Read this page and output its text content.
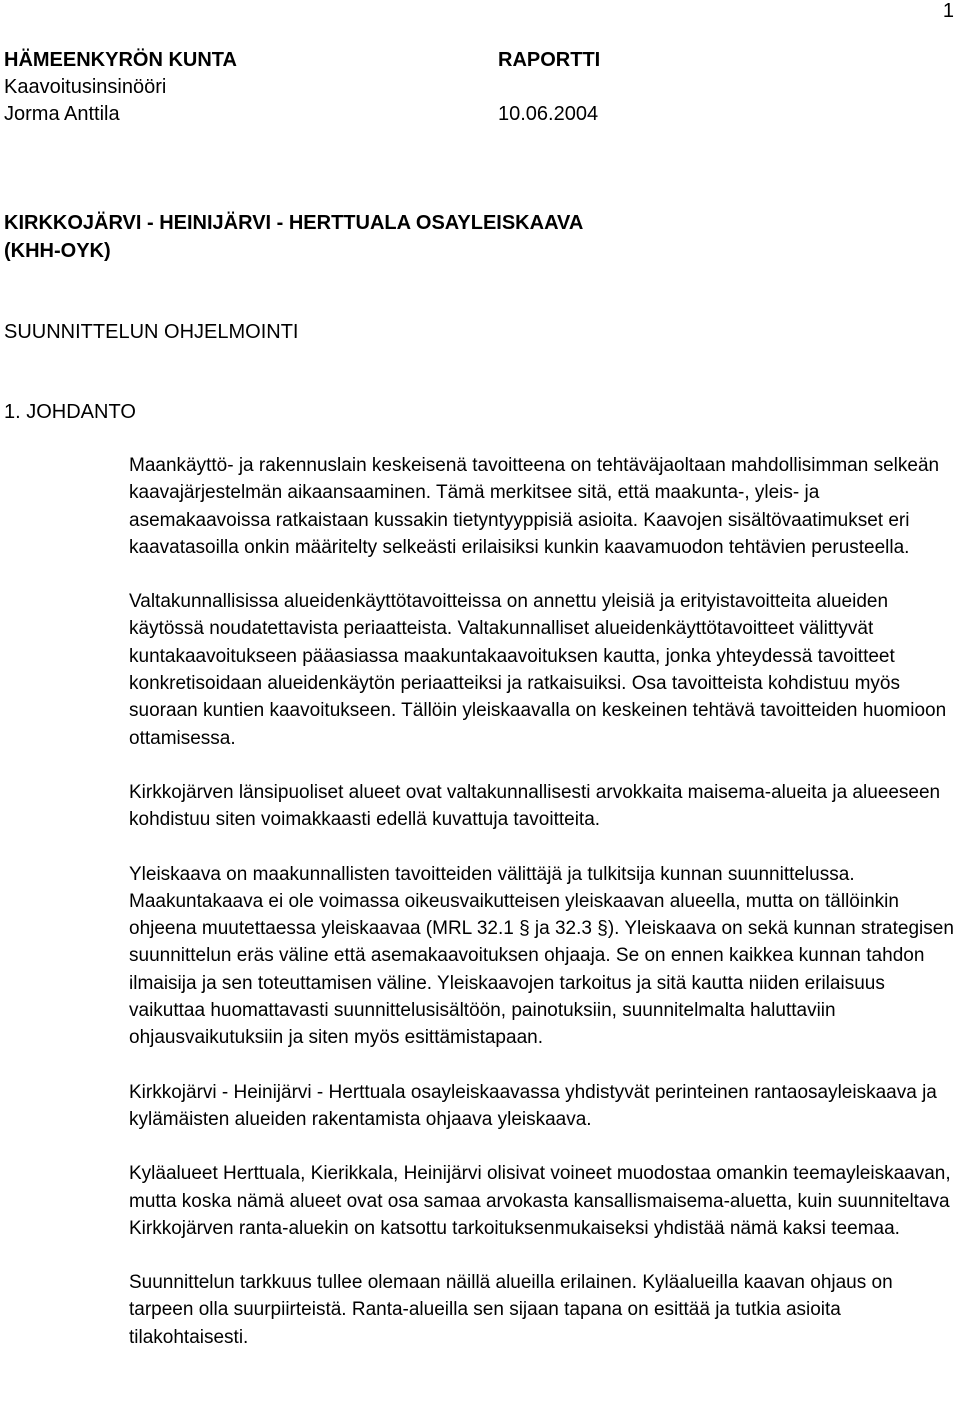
1
HÄMEENKYRÖN KUNTA
Kaavoitusinsinööri
Jorma Anttila
RAPORTTI

10.06.2004
KIRKKOJÄRVI - HEINIJÄRVI - HERTTUALA OSAYLEISKAAVA
(KHH-OYK)
SUUNNITTELUN OHJELMOINTI
1. JOHDANTO

Maankäyttö- ja rakennuslain keskeisenä tavoitteena on tehtäväjaoltaan mahdollisimman selkeän kaavajärjestelmän aikaansaaminen. Tämä merkitsee sitä, että maakunta-, yleis- ja asemakaavoissa ratkaistaan kussakin tietyntyyppisiä asioita. Kaavojen sisältövaatimukset eri kaavatasoilla onkin määritelty selkeästi erilaisiksi kunkin kaavamuodon tehtävien perusteella.

Valtakunnallisissa alueidenkäyttötavoitteissa on annettu yleisiä ja erityistavoitteita alueiden käytössä noudatettavista periaatteista. Valtakunnalliset alueidenkäyttötavoitteet välittyvät kuntakaavoitukseen pääasiassa maakuntakaavoituksen kautta, jonka yhteydessä tavoitteet konkretisoidaan alueidenkäytön periaatteiksi ja ratkaisuiksi. Osa tavoitteista kohdistuu myös suoraan kuntien kaavoitukseen. Tällöin yleiskaavalla on keskeinen tehtävä tavoitteiden huomioon ottamisessa.

Kirkkojärven länsipuoliset alueet ovat valtakunnallisesti arvokkaita maisema-alueita ja alueeseen kohdistuu siten voimakkaasti edellä kuvattuja tavoitteita.

Yleiskaava on maakunnallisten tavoitteiden välittäjä ja tulkitsija kunnan suunnittelussa. Maakuntakaava ei ole voimassa oikeusvaikutteisen yleiskaavan alueella, mutta on tällöinkin ohjeena muutettaessa yleiskaavaa (MRL 32.1 § ja 32.3 §). Yleiskaava on sekä kunnan strategisen suunnittelun eräs väline että asemakaavoituksen ohjaaja. Se on ennen kaikkea kunnan tahdon ilmaisija ja sen toteuttamisen väline. Yleiskaavojen tarkoitus ja sitä kautta niiden erilaisuus vaikuttaa huomattavasti suunnittelusisältöön, painotuksiin, suunnitelmalta haluttaviin ohjausvaikutuksiin ja siten myös esittämistapaan.

Kirkkojärvi - Heinijärvi - Herttuala osayleiskaavassa yhdistyvät perinteinen rantaosayleiskaava ja kylämäisten alueiden rakentamista ohjaava yleiskaava.

Kyläalueet Herttuala, Kierikkala, Heinijärvi olisivat voineet muodostaa omankin teemayleiskaavan, mutta koska nämä alueet ovat osa samaa arvokasta kansallismaisema-aluetta, kuin suunniteltava Kirkkojärven ranta-aluekin on katsottu tarkoituksenmukaiseksi yhdistää nämä kaksi teemaa.

Suunnittelun tarkkuus tullee olemaan näillä alueilla erilainen. Kyläalueilla kaavan ohjaus on tarpeen olla suurpiirteistä. Ranta-alueilla sen sijaan tapana on esittää ja tutkia asioita tilakohtaisesti.
